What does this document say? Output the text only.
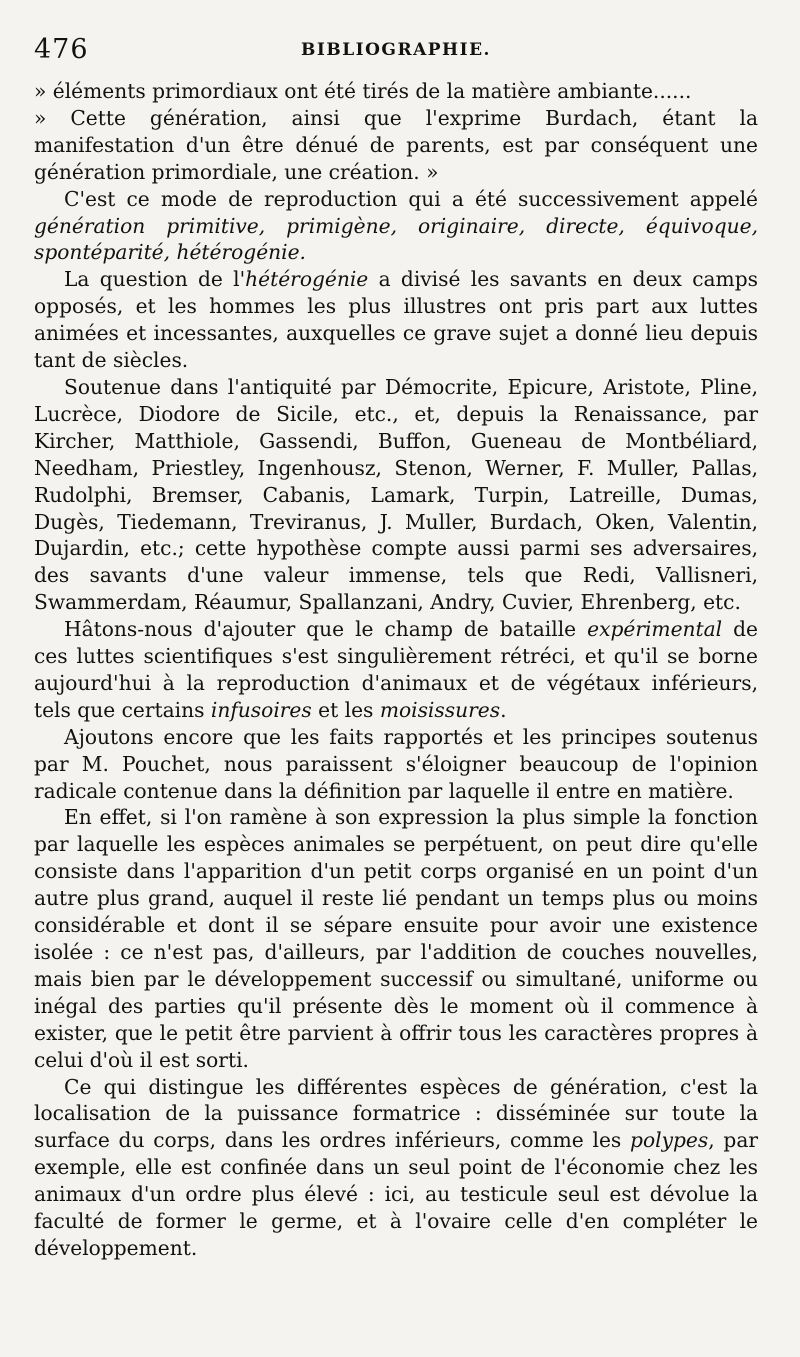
476	BIBLIOGRAPHIE.

» éléments primordiaux ont été tirés de la matière ambiante......

» Cette génération, ainsi que l'exprime Burdach, étant la manifestation d'un être dénué de parents, est par conséquent une génération primordiale, une création. »

C'est ce mode de reproduction qui a été successivement appelé génération primitive, primigène, originaire, directe, équivoque, spontéparité, hétérogénie.

La question de l'hétérogénie a divisé les savants en deux camps opposés, et les hommes les plus illustres ont pris part aux luttes animées et incessantes, auxquelles ce grave sujet a donné lieu depuis tant de siècles.

Soutenue dans l'antiquité par Démocrite, Epicure, Aristote, Pline, Lucrèce, Diodore de Sicile, etc., et, depuis la Renaissance, par Kircher, Matthiole, Gassendi, Buffon, Gueneau de Montbéliard, Needham, Priestley, Ingenhousz, Stenon, Werner, F. Muller, Pallas, Rudolphi, Bremser, Cabanis, Lamark, Turpin, Latreille, Dumas, Dugès, Tiedemann, Treviranus, J. Muller, Burdach, Oken, Valentin, Dujardin, etc.; cette hypothèse compte aussi parmi ses adversaires, des savants d'une valeur immense, tels que Redi, Vallisneri, Swammerdam, Réaumur, Spallanzani, Andry, Cuvier, Ehrenberg, etc.

Hâtons-nous d'ajouter que le champ de bataille expérimental de ces luttes scientifiques s'est singulièrement rétréci, et qu'il se borne aujourd'hui à la reproduction d'animaux et de végétaux inférieurs, tels que certains infusoires et les moisissures.

Ajoutons encore que les faits rapportés et les principes soutenus par M. Pouchet, nous paraissent s'éloigner beaucoup de l'opinion radicale contenue dans la définition par laquelle il entre en matière.

En effet, si l'on ramène à son expression la plus simple la fonction par laquelle les espèces animales se perpétuent, on peut dire qu'elle consiste dans l'apparition d'un petit corps organisé en un point d'un autre plus grand, auquel il reste lié pendant un temps plus ou moins considérable et dont il se sépare ensuite pour avoir une existence isolée : ce n'est pas, d'ailleurs, par l'addition de couches nouvelles, mais bien par le développement successif ou simultané, uniforme ou inégal des parties qu'il présente dès le moment où il commence à exister, que le petit être parvient à offrir tous les caractères propres à celui d'où il est sorti.

Ce qui distingue les différentes espèces de génération, c'est la localisation de la puissance formatrice : disséminée sur toute la surface du corps, dans les ordres inférieurs, comme les polypes, par exemple, elle est confinée dans un seul point de l'économie chez les animaux d'un ordre plus élevé : ici, au testicule seul est dévolue la faculté de former le germe, et à l'ovaire celle d'en compléter le développement.
